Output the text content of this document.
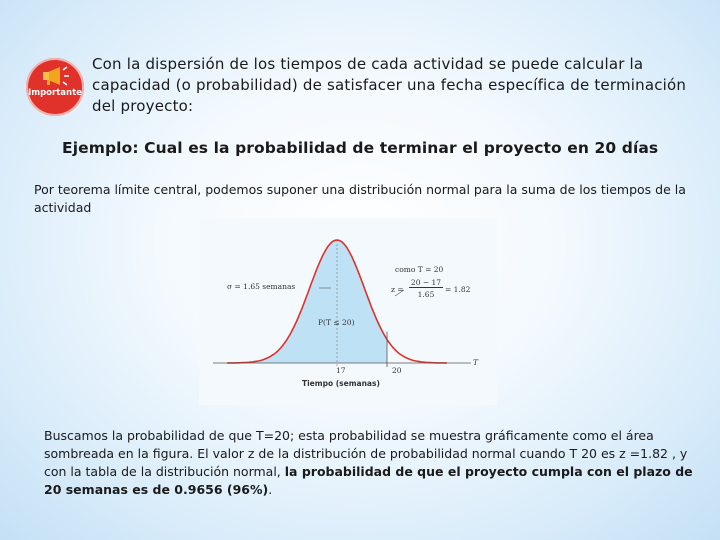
Importante
Con la dispersión de los tiempos de cada actividad se puede calcular la capacidad (o probabilidad) de satisfacer una fecha específica de terminación del proyecto:
Ejemplo: Cual es la probabilidad de terminar el proyecto en 20 días
Por teorema límite central, podemos suponer una distribución normal para la suma de los tiempos de la actividad
σ = 1.65 semanas
como T = 20
z =
20 − 17
1.65
= 1.82
P(T ≤ 20)
T
17	20
Tiempo (semanas)
Buscamos la probabilidad de que T=20; esta probabilidad se muestra gráficamente como el área sombreada en la figura. El valor z de la distribución de probabilidad normal cuando T 20 es z =1.82 , y con la tabla de la distribución normal, la probabilidad de que el proyecto cumpla con el plazo de 20 semanas es de 0.9656 (96%).
